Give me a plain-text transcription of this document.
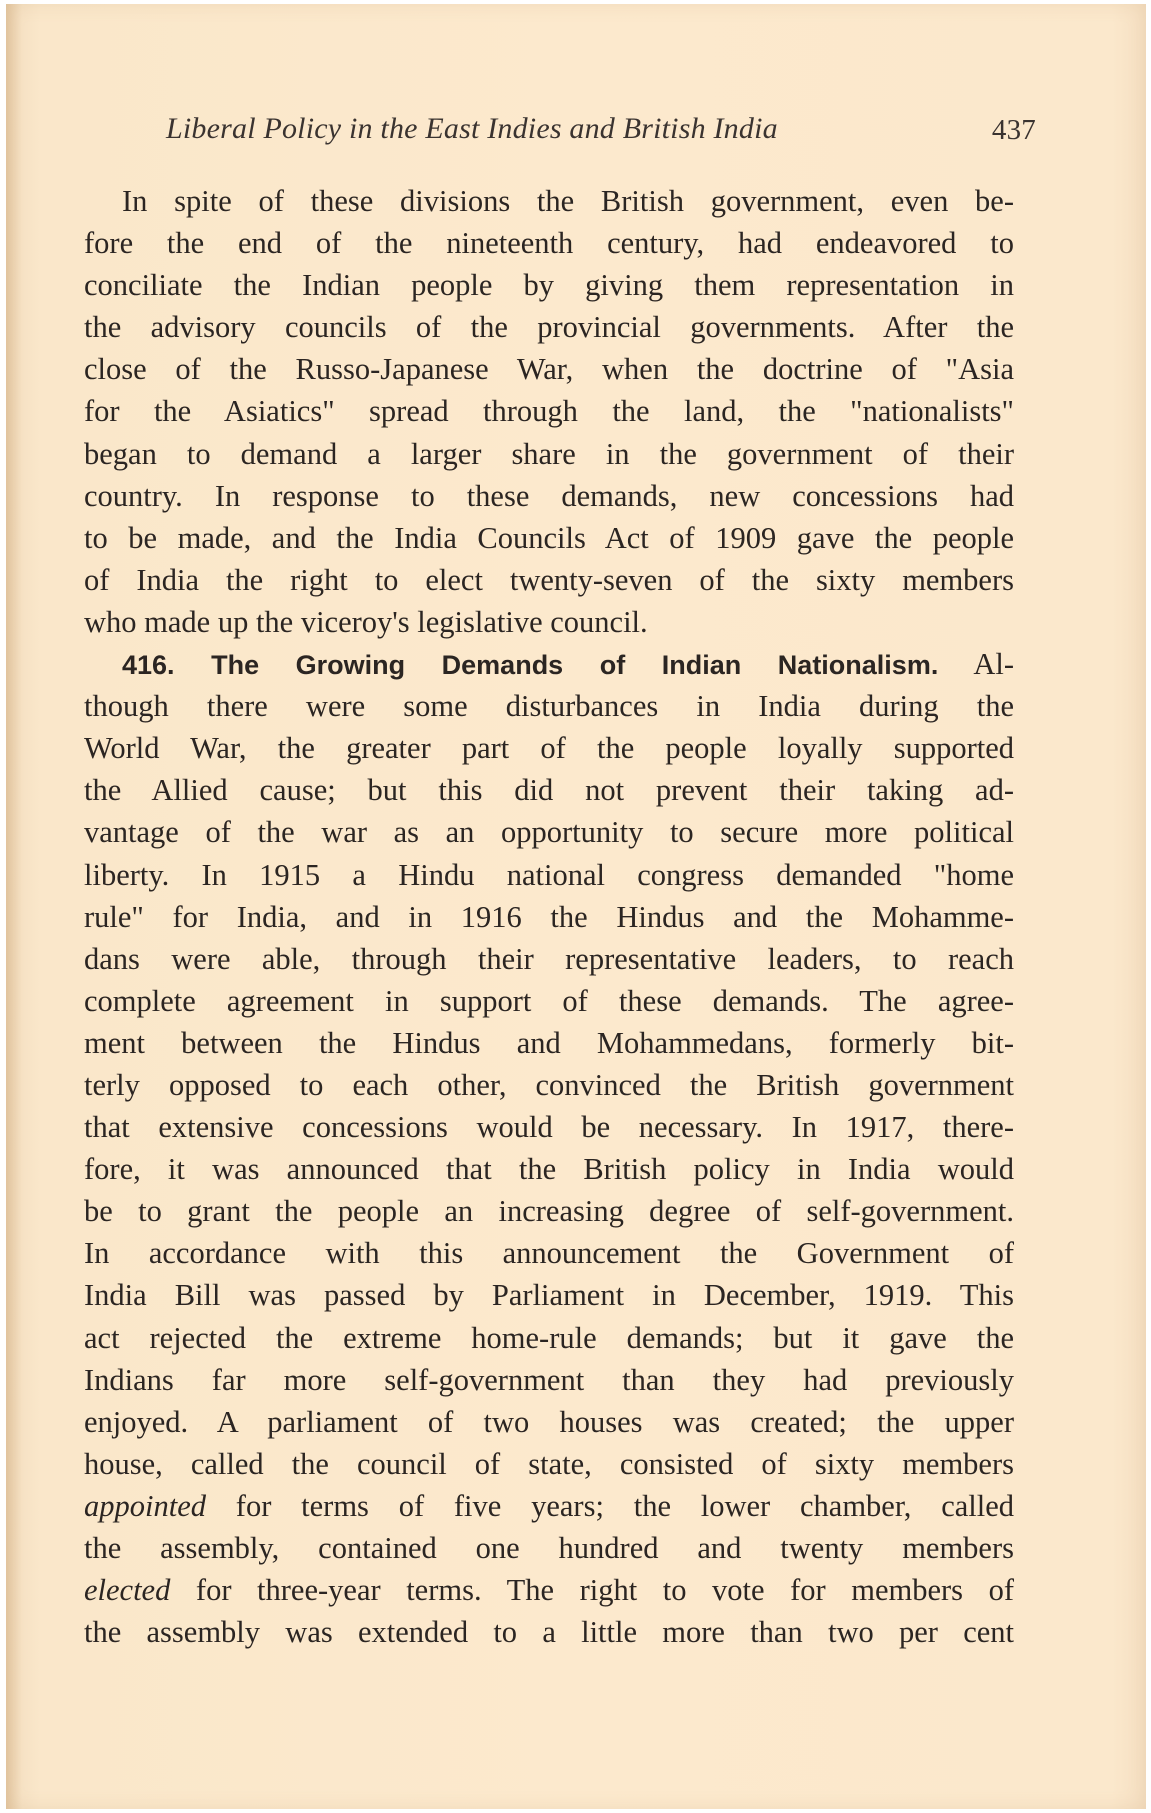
Liberal Policy in the East Indies and British India	437
In spite of these divisions the British government, even be-
fore the end of the nineteenth century, had endeavored to
conciliate the Indian people by giving them representation in
the advisory councils of the provincial governments. After the
close of the Russo-Japanese War, when the doctrine of "Asia
for the Asiatics" spread through the land, the "nationalists"
began to demand a larger share in the government of their
country. In response to these demands, new concessions had
to be made, and the India Councils Act of 1909 gave the people
of India the right to elect twenty-seven of the sixty members
who made up the viceroy's legislative council.
416. The Growing Demands of Indian Nationalism. Al-
though there were some disturbances in India during the
World War, the greater part of the people loyally supported
the Allied cause; but this did not prevent their taking ad-
vantage of the war as an opportunity to secure more political
liberty. In 1915 a Hindu national congress demanded "home
rule" for India, and in 1916 the Hindus and the Mohamme-
dans were able, through their representative leaders, to reach
complete agreement in support of these demands. The agree-
ment between the Hindus and Mohammedans, formerly bit-
terly opposed to each other, convinced the British government
that extensive concessions would be necessary. In 1917, there-
fore, it was announced that the British policy in India would
be to grant the people an increasing degree of self-government.
In accordance with this announcement the Government of
India Bill was passed by Parliament in December, 1919. This
act rejected the extreme home-rule demands; but it gave the
Indians far more self-government than they had previously
enjoyed. A parliament of two houses was created; the upper
house, called the council of state, consisted of sixty members
appointed for terms of five years; the lower chamber, called
the assembly, contained one hundred and twenty members
elected for three-year terms. The right to vote for members of
the assembly was extended to a little more than two per cent
